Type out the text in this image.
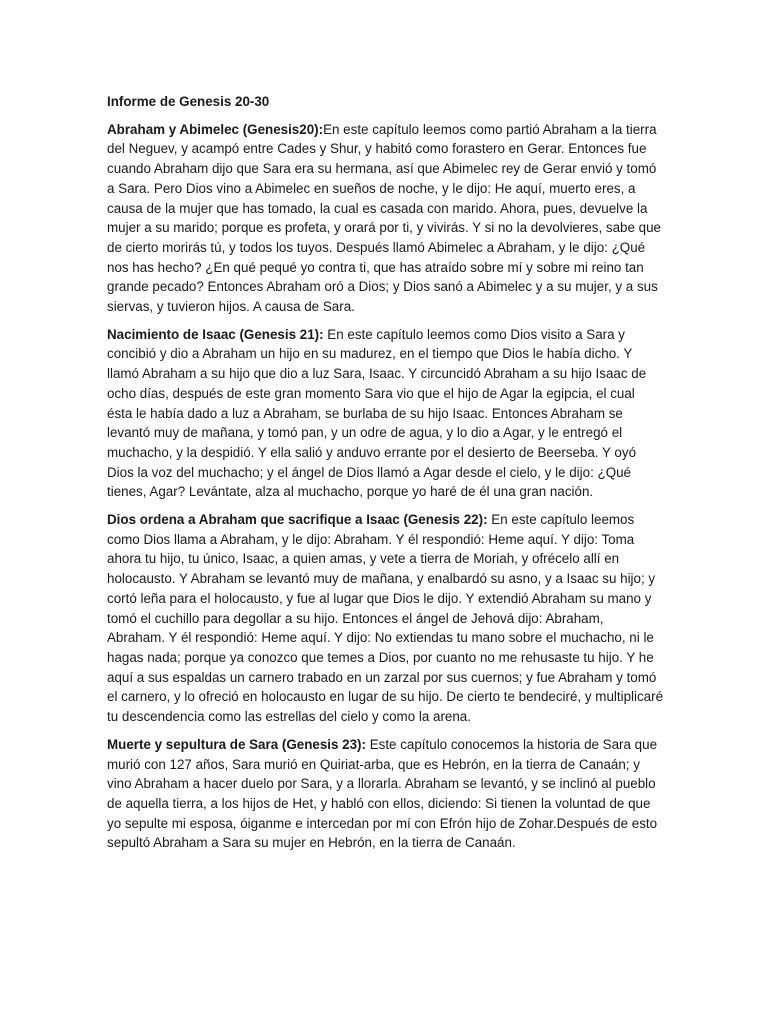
Informe de Genesis 20-30

Abraham y Abimelec (Genesis20):En este capítulo leemos como partió Abraham a la tierra del Neguev, y acampó entre Cades y Shur, y habitó como forastero en Gerar. Entonces fue cuando Abraham dijo que Sara era su hermana, así que Abimelec rey de Gerar envió y tomó a Sara. Pero Dios vino a Abimelec en sueños de noche, y le dijo: He aquí, muerto eres, a causa de la mujer que has tomado, la cual es casada con marido. Ahora, pues, devuelve la mujer a su marido; porque es profeta, y orará por ti, y vivirás. Y si no la devolvieres, sabe que de cierto morirás tú, y todos los tuyos. Después llamó Abimelec a Abraham, y le dijo: ¿Qué nos has hecho? ¿En qué pequé yo contra ti, que has atraído sobre mí y sobre mi reino tan grande pecado? Entonces Abraham oró a Dios; y Dios sanó a Abimelec y a su mujer, y a sus siervas, y tuvieron hijos. A causa de Sara.

Nacimiento de Isaac (Genesis 21): En este capítulo leemos como Dios visito a Sara y concibió y dio a Abraham un hijo en su madurez, en el tiempo que Dios le había dicho. Y llamó Abraham a su hijo que dio a luz Sara, Isaac. Y circuncidó Abraham a su hijo Isaac de ocho días, después de este gran momento Sara vio que el hijo de Agar la egipcia, el cual ésta le había dado a luz a Abraham, se burlaba de su hijo Isaac. Entonces Abraham se levantó muy de mañana, y tomó pan, y un odre de agua, y lo dio a Agar, y le entregó el muchacho, y la despidió. Y ella salió y anduvo errante por el desierto de Beerseba. Y oyó Dios la voz del muchacho; y el ángel de Dios llamó a Agar desde el cielo, y le dijo: ¿Qué tienes, Agar? Levántate, alza al muchacho, porque yo haré de él una gran nación.

Dios ordena a Abraham que sacrifique a Isaac (Genesis 22): En este capítulo leemos como Dios llama a Abraham, y le dijo: Abraham. Y él respondió: Heme aquí. Y dijo: Toma ahora tu hijo, tu único, Isaac, a quien amas, y vete a tierra de Moriah, y ofrécelo allí en holocausto. Y Abraham se levantó muy de mañana, y enalbardó su asno, y a Isaac su hijo; y cortó leña para el holocausto, y fue al lugar que Dios le dijo. Y extendió Abraham su mano y tomó el cuchillo para degollar a su hijo. Entonces el ángel de Jehová dijo: Abraham, Abraham. Y él respondió: Heme aquí. Y dijo: No extiendas tu mano sobre el muchacho, ni le hagas nada; porque ya conozco que temes a Dios, por cuanto no me rehusaste tu hijo. Y he aquí a sus espaldas un carnero trabado en un zarzal por sus cuernos; y fue Abraham y tomó el carnero, y lo ofreció en holocausto en lugar de su hijo. De cierto te bendeciré, y multiplicaré tu descendencia como las estrellas del cielo y como la arena.

Muerte y sepultura de Sara (Genesis 23): Este capítulo conocemos la historia de Sara que murió con 127 años, Sara murió en Quiriat-arba, que es Hebrón, en la tierra de Canaán; y vino Abraham a hacer duelo por Sara, y a llorarla. Abraham se levantó, y se inclinó al pueblo de aquella tierra, a los hijos de Het, y habló con ellos, diciendo: Si tienen la voluntad de que yo sepulte mi esposa, óiganme e intercedan por mí con Efrón hijo de Zohar.Después de esto sepultó Abraham a Sara su mujer en Hebrón, en la tierra de Canaán.
